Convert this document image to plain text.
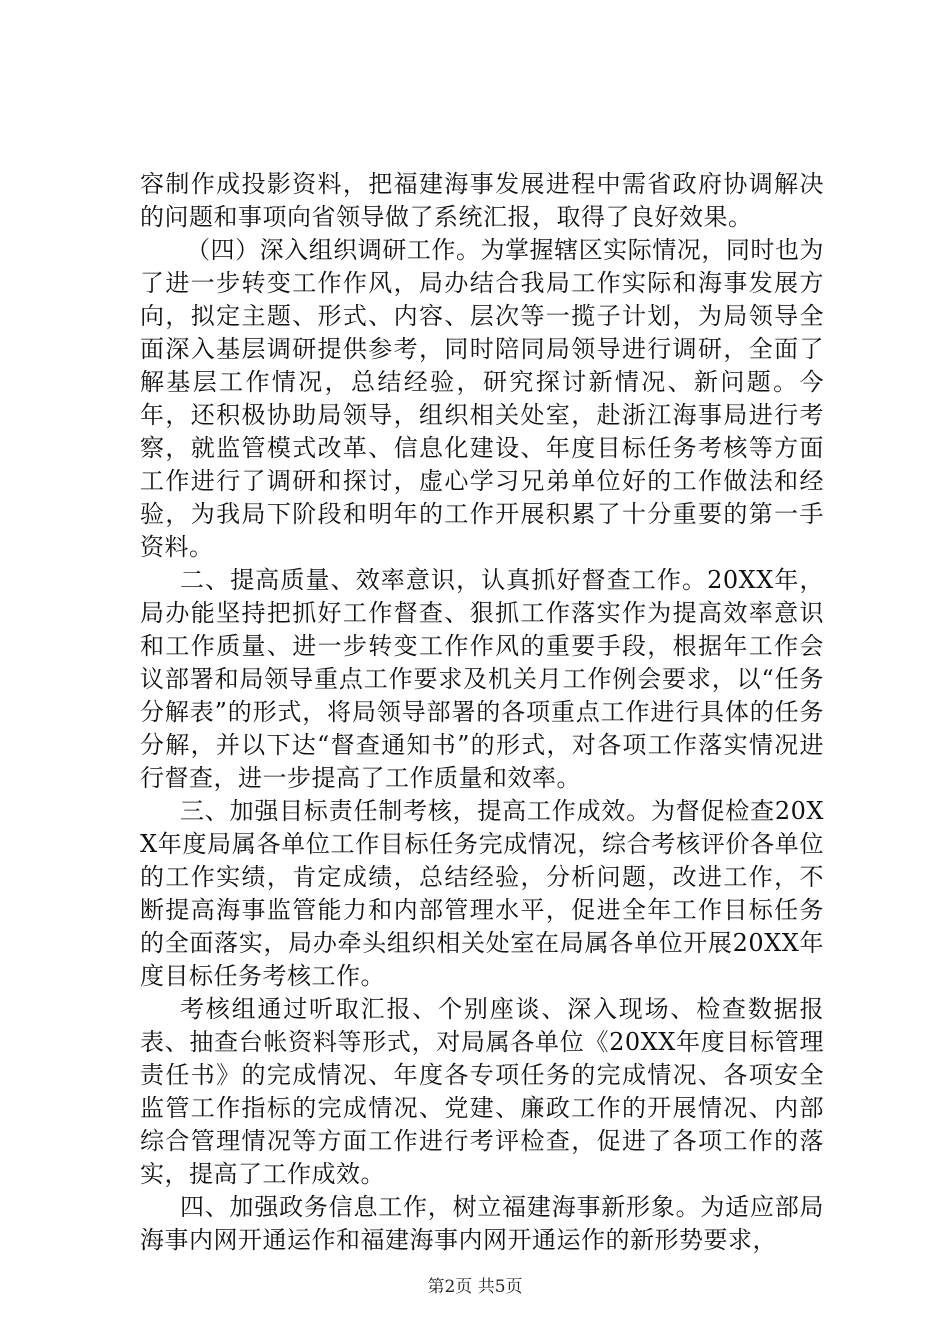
容制作成投影资料，把福建海事发展进程中需省政府协调解决的问题和事项向省领导做了系统汇报，取得了良好效果。

（四）深入组织调研工作。为掌握辖区实际情况，同时也为了进一步转变工作作风，局办结合我局工作实际和海事发展方向，拟定主题、形式、内容、层次等一揽子计划，为局领导全面深入基层调研提供参考，同时陪同局领导进行调研，全面了解基层工作情况，总结经验，研究探讨新情况、新问题。今年，还积极协助局领导，组织相关处室，赴浙江海事局进行考察，就监管模式改革、信息化建设、年度目标任务考核等方面工作进行了调研和探讨，虚心学习兄弟单位好的工作做法和经验，为我局下阶段和明年的工作开展积累了十分重要的第一手资料。

二、提高质量、效率意识，认真抓好督查工作。20XX年，局办能坚持把抓好工作督查、狠抓工作落实作为提高效率意识和工作质量、进一步转变工作作风的重要手段，根据年工作会议部署和局领导重点工作要求及机关月工作例会要求，以“任务分解表”的形式，将局领导部署的各项重点工作进行具体的任务分解，并以下达“督查通知书”的形式，对各项工作落实情况进行督查，进一步提高了工作质量和效率。

三、加强目标责任制考核，提高工作成效。为督促检查20XX年度局属各单位工作目标任务完成情况，综合考核评价各单位的工作实绩，肯定成绩，总结经验，分析问题，改进工作，不断提高海事监管能力和内部管理水平，促进全年工作目标任务的全面落实，局办牵头组织相关处室在局属各单位开展20XX年度目标任务考核工作。

考核组通过听取汇报、个别座谈、深入现场、检查数据报表、抽查台帐资料等形式，对局属各单位《20XX年度目标管理责任书》的完成情况、年度各专项任务的完成情况、各项安全监管工作指标的完成情况、党建、廉政工作的开展情况、内部综合管理情况等方面工作进行考评检查，促进了各项工作的落实，提高了工作成效。

四、加强政务信息工作，树立福建海事新形象。为适应部局海事内网开通运作和福建海事内网开通运作的新形势要求，

第2页 共5页
